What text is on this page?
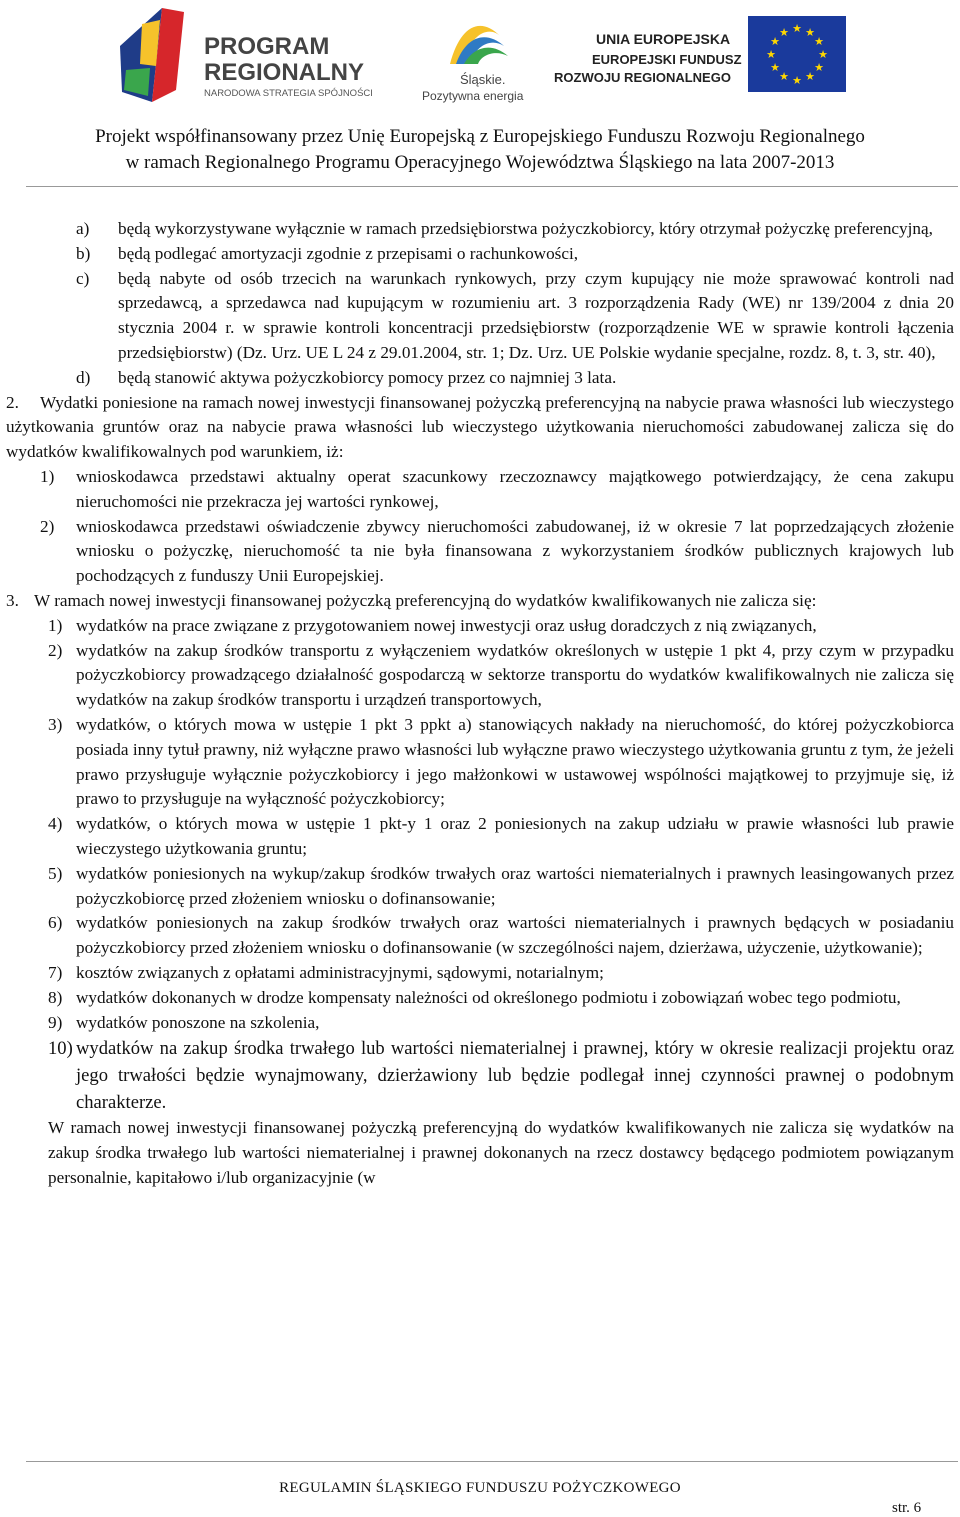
PROGRAM
REGIONALNY
NARODOWA STRATEGIA SPÓJNOŚCI
Śląskie.
Pozytywna energia
UNIA EUROPEJSKA
EUROPEJSKI FUNDUSZ
ROZWOJU REGIONALNEGO
★ ★
★
★
★
★
★
★
★
★
★
★
Projekt współfinansowany przez Unię Europejską z Europejskiego Funduszu Rozwoju Regionalnego
w ramach Regionalnego Programu Operacyjnego Województwa Śląskiego na lata 2007-2013
a) będą wykorzystywane wyłącznie w ramach przedsiębiorstwa pożyczkobiorcy, który otrzymał pożyczkę preferencyjną,
b) będą podlegać amortyzacji zgodnie z przepisami o rachunkowości,
c) będą nabyte od osób trzecich na warunkach rynkowych, przy czym kupujący nie może sprawować kontroli nad sprzedawcą, a sprzedawca nad kupującym w rozumieniu art. 3 rozporządzenia Rady (WE) nr 139/2004 z dnia 20 stycznia 2004 r. w sprawie kontroli koncentracji przedsiębiorstw (rozporządzenie WE w sprawie kontroli łączenia przedsiębiorstw) (Dz. Urz. UE L 24 z 29.01.2004, str. 1; Dz. Urz. UE Polskie wydanie specjalne, rozdz. 8, t. 3, str. 40),
d) będą stanowić aktywa pożyczkobiorcy pomocy przez co najmniej 3 lata.
2.	Wydatki poniesione na ramach nowej inwestycji finansowanej pożyczką preferencyjną na nabycie prawa własności lub wieczystego użytkowania gruntów oraz na nabycie prawa własności lub wieczystego użytkowania nieruchomości zabudowanej zalicza się do wydatków kwalifikowalnych pod warunkiem, iż:
1) wnioskodawca przedstawi aktualny operat szacunkowy rzeczoznawcy majątkowego potwierdzający, że cena zakupu nieruchomości nie przekracza jej wartości rynkowej,
2) wnioskodawca przedstawi oświadczenie zbywcy nieruchomości zabudowanej, iż w okresie 7 lat poprzedzających złożenie wniosku o pożyczkę, nieruchomość ta nie była finansowana z wykorzystaniem środków publicznych krajowych lub pochodzących z funduszy Unii Europejskiej.
3. W ramach nowej inwestycji finansowanej pożyczką preferencyjną do wydatków kwalifikowanych nie zalicza się:
1) wydatków na prace związane z przygotowaniem nowej inwestycji oraz usług doradczych z nią związanych,
2) wydatków na zakup środków transportu z wyłączeniem wydatków określonych w ustępie 1 pkt 4, przy czym w przypadku pożyczkobiorcy prowadzącego działalność gospodarczą w sektorze transportu do wydatków kwalifikowalnych nie zalicza się wydatków na zakup środków transportu i urządzeń transportowych,
3) wydatków, o których mowa w ustępie 1 pkt 3 ppkt a) stanowiących nakłady na nieruchomość, do której pożyczkobiorca posiada inny tytuł prawny, niż wyłączne prawo własności lub wyłączne prawo wieczystego użytkowania gruntu z tym, że jeżeli prawo przysługuje wyłącznie pożyczkobiorcy i jego małżonkowi w ustawowej wspólności majątkowej to przyjmuje się, iż prawo to przysługuje na wyłączność pożyczkobiorcy;
4) wydatków, o których mowa w ustępie 1 pkt-y 1 oraz 2 poniesionych na zakup udziału w prawie własności lub prawie wieczystego użytkowania gruntu;
5) wydatków poniesionych na wykup/zakup środków trwałych oraz wartości niematerialnych i prawnych leasingowanych przez pożyczkobiorcę przed złożeniem wniosku o dofinansowanie;
6) wydatków poniesionych na zakup środków trwałych oraz wartości niematerialnych i prawnych będących w posiadaniu pożyczkobiorcy przed złożeniem wniosku o dofinansowanie (w szczególności najem, dzierżawa, użyczenie, użytkowanie);
7) kosztów związanych z opłatami administracyjnymi, sądowymi, notarialnym;
8) wydatków dokonanych w drodze kompensaty należności od określonego podmiotu i zobowiązań wobec tego podmiotu,
9) wydatków ponoszone na szkolenia,
10) wydatków na zakup środka trwałego lub wartości niematerialnej i prawnej, który w okresie realizacji projektu oraz jego trwałości będzie wynajmowany, dzierżawiony lub będzie podlegał innej czynności prawnej o podobnym charakterze.
W ramach nowej inwestycji finansowanej pożyczką preferencyjną do wydatków kwalifikowanych nie zalicza się wydatków na zakup środka trwałego lub wartości niematerialnej i prawnej dokonanych na rzecz dostawcy będącego podmiotem powiązanym personalnie, kapitałowo i/lub organizacyjnie (w
REGULAMIN ŚLĄSKIEGO FUNDUSZU POŻYCZKOWEGO
str. 6
